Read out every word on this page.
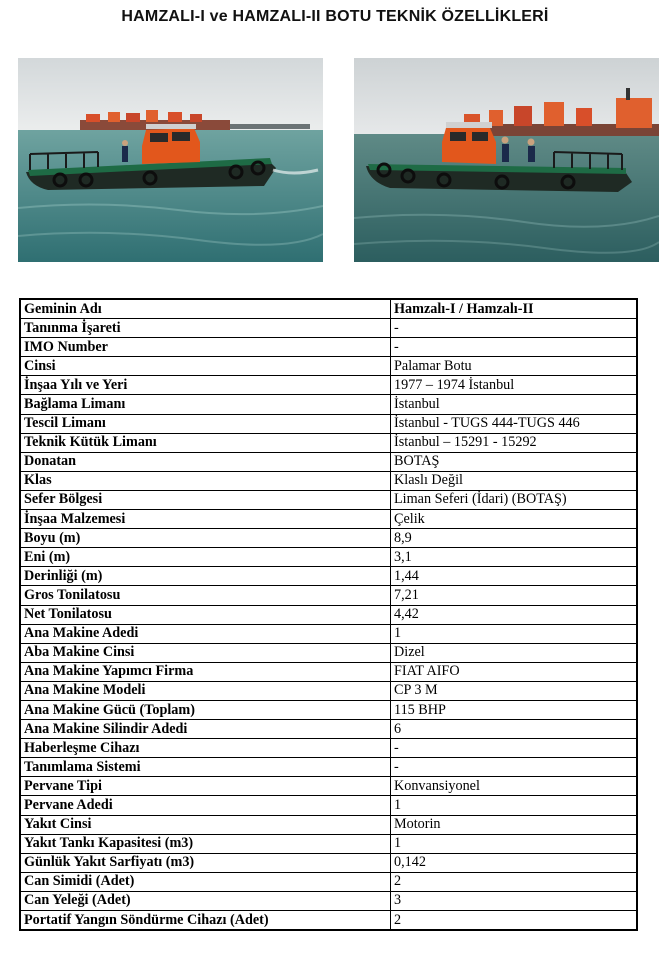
HAMZALI-I ve HAMZALI-II BOTU TEKNİK ÖZELLİKLERİ
Geminin Adı	Hamzalı-I / Hamzalı-II
Tanınma İşareti	-
IMO Number	-
Cinsi	Palamar Botu
İnşaa Yılı ve Yeri	1977 – 1974 İstanbul
Bağlama Limanı	İstanbul
Tescil Limanı	İstanbul - TUGS 444-TUGS 446
Teknik Kütük Limanı	İstanbul – 15291 - 15292
Donatan	BOTAŞ
Klas	Klaslı Değil
Sefer Bölgesi	Liman Seferi (İdari) (BOTAŞ)
İnşaa Malzemesi	Çelik
Boyu (m)	8,9
Eni (m)	3,1
Derinliği (m)	1,44
Gros Tonilatosu	7,21
Net Tonilatosu	4,42
Ana Makine Adedi	1
Aba Makine Cinsi	Dizel
Ana Makine Yapımcı Firma	FIAT AIFO
Ana Makine Modeli	CP 3 M
Ana Makine Gücü (Toplam)	115 BHP
Ana Makine Silindir Adedi	6
Haberleşme Cihazı	-
Tanımlama Sistemi	-
Pervane Tipi	Konvansiyonel
Pervane Adedi	1
Yakıt Cinsi	Motorin
Yakıt Tankı Kapasitesi (m3)	1
Günlük Yakıt Sarfiyatı (m3)	0,142
Can Simidi (Adet)	2
Can Yeleği (Adet)	3
Portatif Yangın Söndürme Cihazı (Adet)	2
